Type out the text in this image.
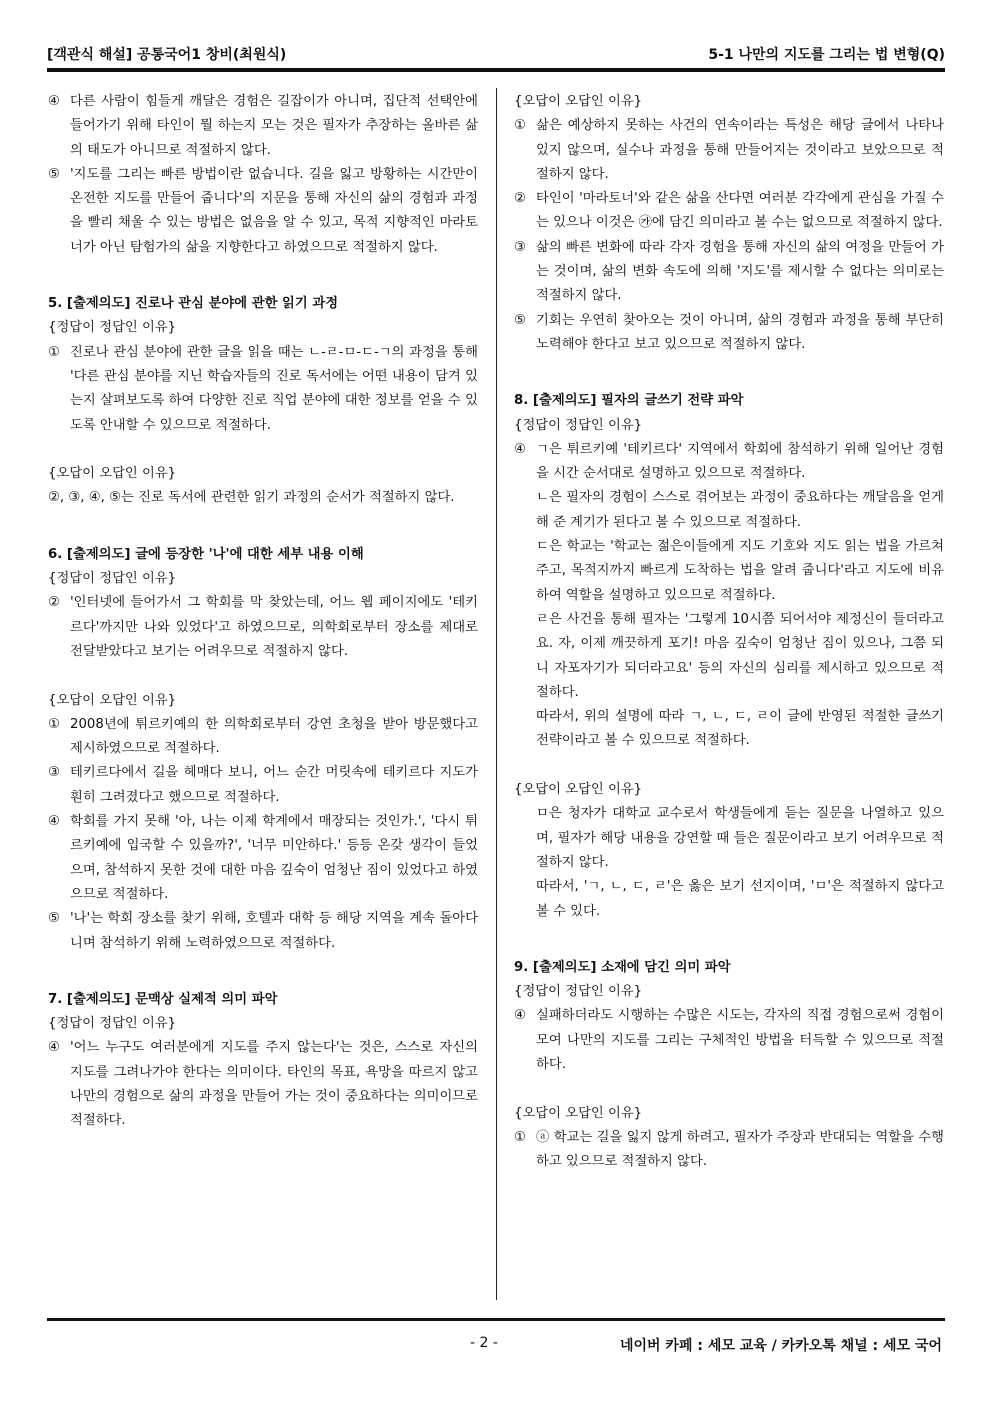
[객관식 해설] 공통국어1 창비(최원식)	5-1 나만의 지도를 그리는 법 변형(Q)
④ 다른 사람이 힘들게 깨달은 경험은 길잡이가 아니며, 집단적 선택안에 들어가기 위해 타인이 뭘 하는지 모는 것은 필자가 추장하는 올바른 삶의 태도가 아니므로 적절하지 않다.
⑤ '지도를 그리는 빠른 방법이란 없습니다. 길을 잃고 방황하는 시간만이 온전한 지도를 만들어 줍니다'의 지문을 통해 자신의 삶의 경험과 과정을 빨리 채울 수 있는 방법은 없음을 알 수 있고, 목적 지향적인 마라토너가 아닌 탐험가의 삶을 지향한다고 하였으므로 적절하지 않다.

5. [출제의도] 진로나 관심 분야에 관한 읽기 과정

{정답이 정답인 이유}

① 진로나 관심 분야에 관한 글을 읽을 때는 ㄴ-ㄹ-ㅁ-ㄷ-ㄱ의 과정을 통해 '다른 관심 분야를 지닌 학습자들의 진로 독서에는 어떤 내용이 담겨 있는지 살펴보도록 하여 다양한 진로 직업 분야에 대한 정보를 얻을 수 있도록 안내할 수 있으므로 적절하다.

{오답이 오답인 이유}

②, ③, ④, ⑤는 진로 독서에 관련한 읽기 과정의 순서가 적절하지 않다.

6. [출제의도] 글에 등장한 '나'에 대한 세부 내용 이해

{정답이 정답인 이유}

② '인터넷에 들어가서 그 학회를 막 찾았는데, 어느 웹 페이지에도 '테키르다'까지만 나와 있었다'고 하였으므로, 의학회로부터 장소를 제대로 전달받았다고 보기는 어려우므로 적절하지 않다.

{오답이 오답인 이유}

① 2008년에 튀르키예의 한 의학회로부터 강연 초청을 받아 방문했다고 제시하였으므로 적절하다.
③ 테키르다에서 길을 헤매다 보니, 어느 순간 머릿속에 테키르다 지도가 훤히 그려졌다고 했으므로 적절하다.
④ 학회를 가지 못해 '아, 나는 이제 학계에서 매장되는 것인가.', '다시 튀르키예에 입국할 수 있을까?', '너무 미안하다.' 등등 온갖 생각이 들었으며, 참석하지 못한 것에 대한 마음 깊숙이 엄청난 짐이 있었다고 하였으므로 적절하다.
⑤ '나'는 학회 장소를 찾기 위해, 호텔과 대학 등 해당 지역을 계속 돌아다니며 참석하기 위해 노력하였으므로 적절하다.

7. [출제의도] 문맥상 실제적 의미 파악

{정답이 정답인 이유}

④ '어느 누구도 여러분에게 지도를 주지 않는다'는 것은, 스스로 자신의 지도를 그려나가야 한다는 의미이다. 타인의 목표, 욕망을 따르지 않고 나만의 경험으로 삶의 과정을 만들어 가는 것이 중요하다는 의미이므로 적절하다.

{오답이 오답인 이유}

① 삶은 예상하지 못하는 사건의 연속이라는 특성은 해당 글에서 나타나 있지 않으며, 실수나 과정을 통해 만들어지는 것이라고 보았으므로 적절하지 않다.
② 타인이 '마라토너'와 같은 삶을 산다면 여러분 각각에게 관심을 가질 수는 있으나 이것은 ㉮에 담긴 의미라고 볼 수는 없으므로 적절하지 않다.
③ 삶의 빠른 변화에 따라 각자 경험을 통해 자신의 삶의 여정을 만들어 가는 것이며, 삶의 변화 속도에 의해 '지도'를 제시할 수 없다는 의미로는 적절하지 않다.
⑤ 기회는 우연히 찾아오는 것이 아니며, 삶의 경험과 과정을 통해 부단히 노력해야 한다고 보고 있으므로 적절하지 않다.

8. [출제의도] 필자의 글쓰기 전략 파악

{정답이 정답인 이유}

④ ㄱ은 튀르키예 '테키르다' 지역에서 학회에 참석하기 위해 일어난 경험을 시간 순서대로 설명하고 있으므로 적절하다.

ㄴ은 필자의 경험이 스스로 겪어보는 과정이 중요하다는 깨달음을 얻게 해 준 계기가 된다고 볼 수 있으므로 적절하다.

ㄷ은 학교는 '학교는 젊은이들에게 지도 기호와 지도 읽는 법을 가르쳐 주고, 목적지까지 빠르게 도착하는 법을 알려 줍니다'라고 지도에 비유하여 역할을 설명하고 있으므로 적절하다.

ㄹ은 사건을 통해 필자는 '그렇게 10시쯤 되어서야 제정신이 들더라고요. 자, 이제 깨끗하게 포기! 마음 깊숙이 엄청난 짐이 있으나, 그쯤 되니 자포자기가 되더라고요' 등의 자신의 심리를 제시하고 있으므로 적절하다.

따라서, 위의 설명에 따라 ㄱ, ㄴ, ㄷ, ㄹ이 글에 반영된 적절한 글쓰기 전략이라고 볼 수 있으므로 적절하다.

{오답이 오답인 이유}

ㅁ은 청자가 대학교 교수로서 학생들에게 듣는 질문을 나열하고 있으며, 필자가 해당 내용을 강연할 때 들은 질문이라고 보기 어려우므로 적절하지 않다.

따라서, 'ㄱ, ㄴ, ㄷ, ㄹ'은 옳은 보기 선지이며, 'ㅁ'은 적절하지 않다고 볼 수 있다.

9. [출제의도] 소재에 담긴 의미 파악

{정답이 정답인 이유}

④ 실패하더라도 시행하는 수많은 시도는, 각자의 직접 경험으로써 경험이 모여 나만의 지도를 그리는 구체적인 방법을 터득할 수 있으므로 적절하다.

{오답이 오답인 이유}

① ⓐ 학교는 길을 잃지 않게 하려고, 필자가 주장과 반대되는 역할을 수행하고 있으므로 적절하지 않다.
- 2 -	네이버 카페 : 세모 교육 / 카카오톡 채널 : 세모 국어
